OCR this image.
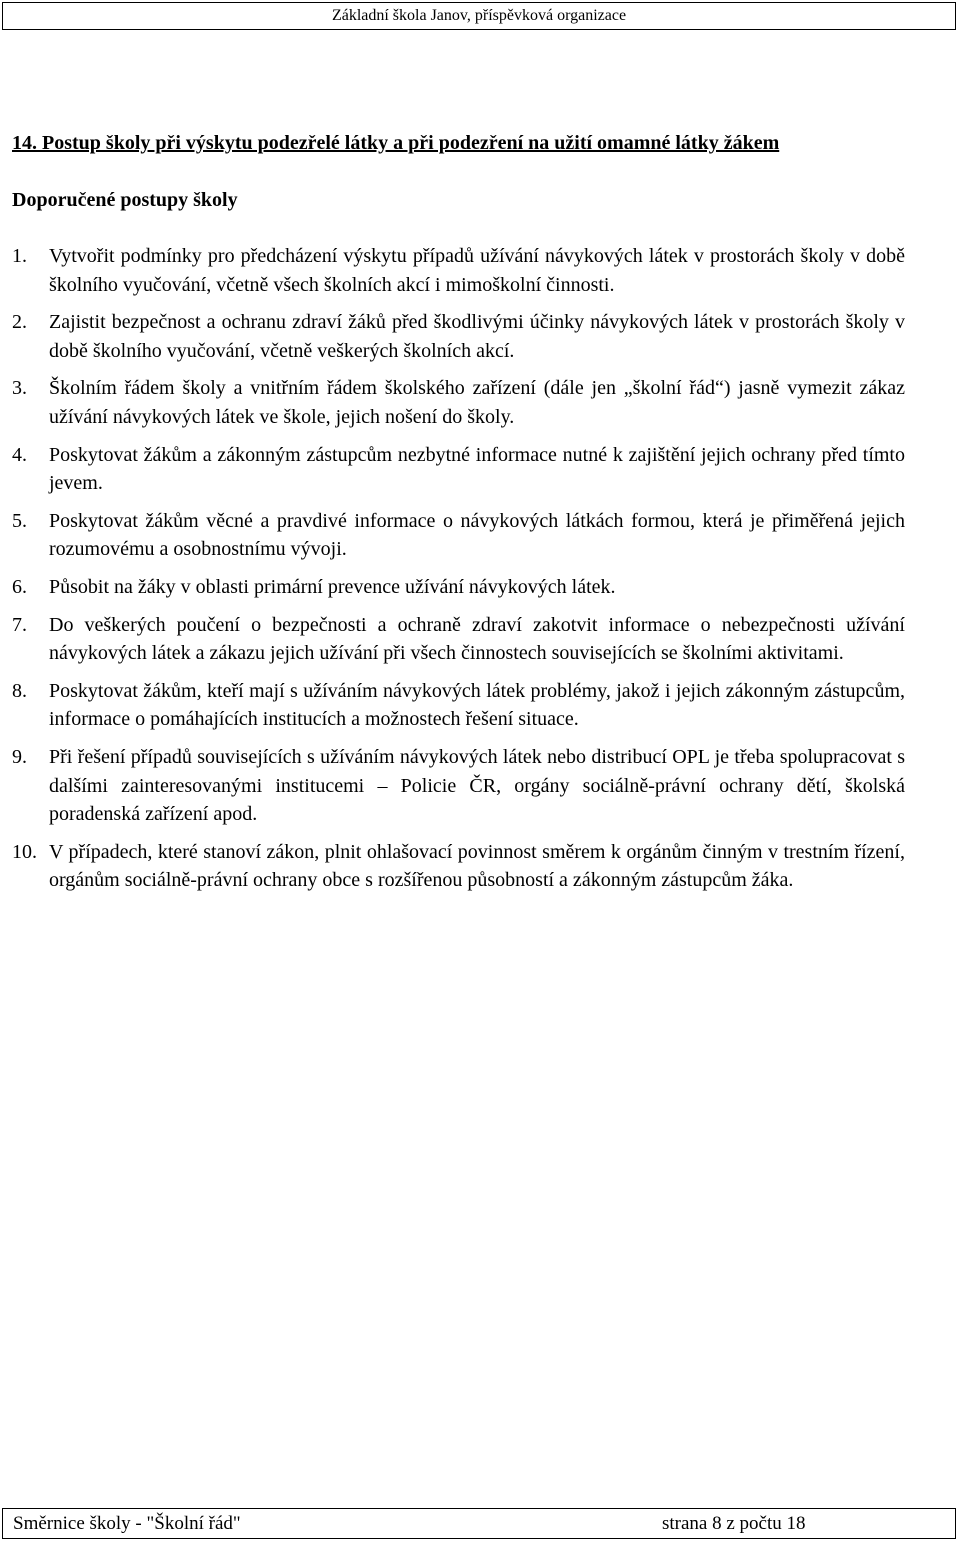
Základní škola Janov, příspěvková organizace
14. Postup školy při výskytu podezřelé látky a při podezření na užití omamné látky žákem
Doporučené postupy školy
1.	Vytvořit podmínky pro předcházení výskytu případů užívání návykových látek v prostorách školy v době školního vyučování, včetně všech školních akcí i mimoškolní činnosti.
2.	Zajistit bezpečnost a ochranu zdraví žáků před škodlivými účinky návykových látek v prostorách školy v době školního vyučování, včetně veškerých školních akcí.
3.	Školním řádem školy a vnitřním řádem školského zařízení (dále jen „školní řád“) jasně vymezit zákaz užívání návykových látek ve škole, jejich nošení do školy.
4.	Poskytovat žákům a zákonným zástupcům nezbytné informace nutné k zajištění jejich ochrany před tímto jevem.
5.	Poskytovat žákům věcné a pravdivé informace o návykových látkách formou, která je přiměřená jejich rozumovému a osobnostnímu vývoji.
6.	Působit na žáky v oblasti primární prevence užívání návykových látek.
7.	Do veškerých poučení o bezpečnosti a ochraně zdraví zakotvit informace o nebezpečnosti užívání návykových látek a zákazu jejich užívání při všech činnostech souvisejících se školními aktivitami.
8.	Poskytovat žákům, kteří mají s užíváním návykových látek problémy, jakož i jejich zákonným zástupcům, informace o pomáhajících institucích a možnostech řešení situace.
9.	Při řešení případů souvisejících s užíváním návykových látek nebo distribucí OPL je třeba spolupracovat s dalšími zainteresovanými institucemi – Policie ČR, orgány sociálně-právní ochrany dětí, školská poradenská zařízení apod.
10. V případech, které stanoví zákon, plnit ohlašovací povinnost směrem k orgánům činným v trestním řízení, orgánům sociálně-právní ochrany obce s rozšířenou působností a zákonným zástupcům žáka.
Směrnice školy - "Školní řád"	strana 8 z počtu 18
